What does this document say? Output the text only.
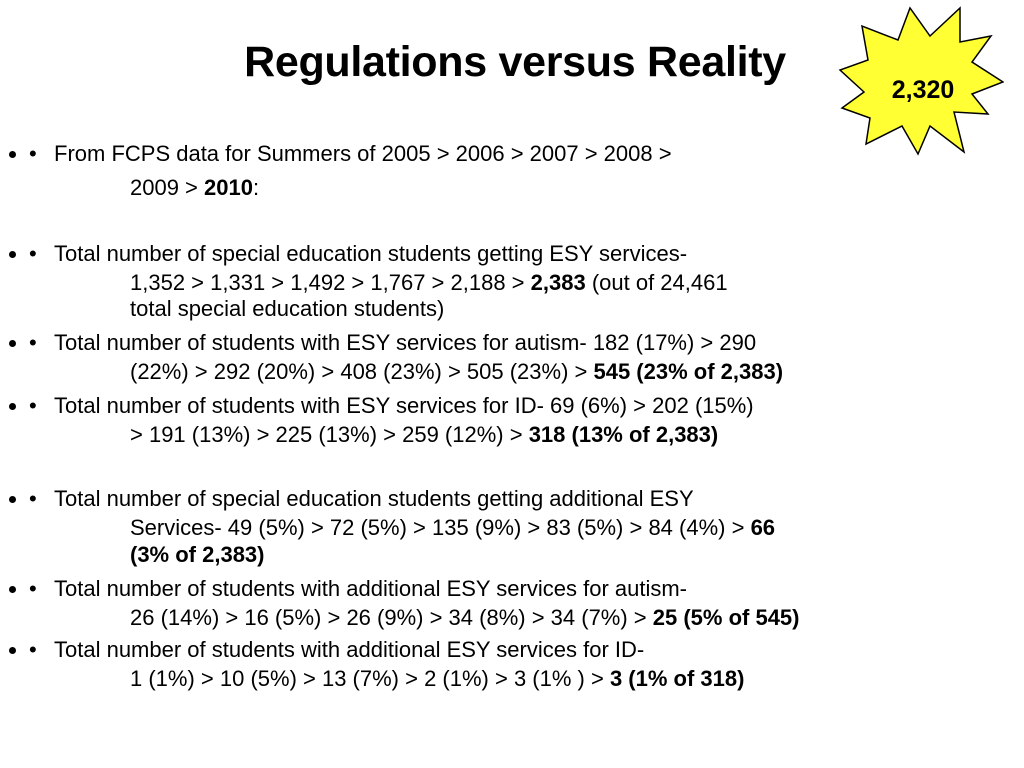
Regulations versus Reality
2,320
• • From FCPS data for Summers of 2005 > 2006 > 2007 > 2008 >
2009 > 2010:
• • Total number of special education students getting ESY services-
1,352 > 1,331 > 1,492 > 1,767 > 2,188 > 2,383 (out of 24,461
total special education students)
• • Total number of students with ESY services for autism- 182 (17%) > 290
(22%) > 292 (20%) > 408 (23%) > 505 (23%) > 545 (23% of 2,383)
• • Total number of students with ESY services for ID- 69 (6%) > 202 (15%)
> 191 (13%) > 225 (13%) > 259 (12%) > 318 (13% of 2,383)
• • Total number of special education students getting additional ESY
Services- 49 (5%) > 72 (5%) > 135 (9%) > 83 (5%) > 84 (4%) > 66
(3% of 2,383)
• • Total number of students with additional ESY services for autism-
26 (14%) > 16 (5%) > 26 (9%) > 34 (8%) > 34 (7%) > 25 (5% of 545)
• • Total number of students with additional ESY services for ID-
1 (1%) > 10 (5%) > 13 (7%) > 2 (1%) > 3 (1% ) > 3 (1% of 318)
